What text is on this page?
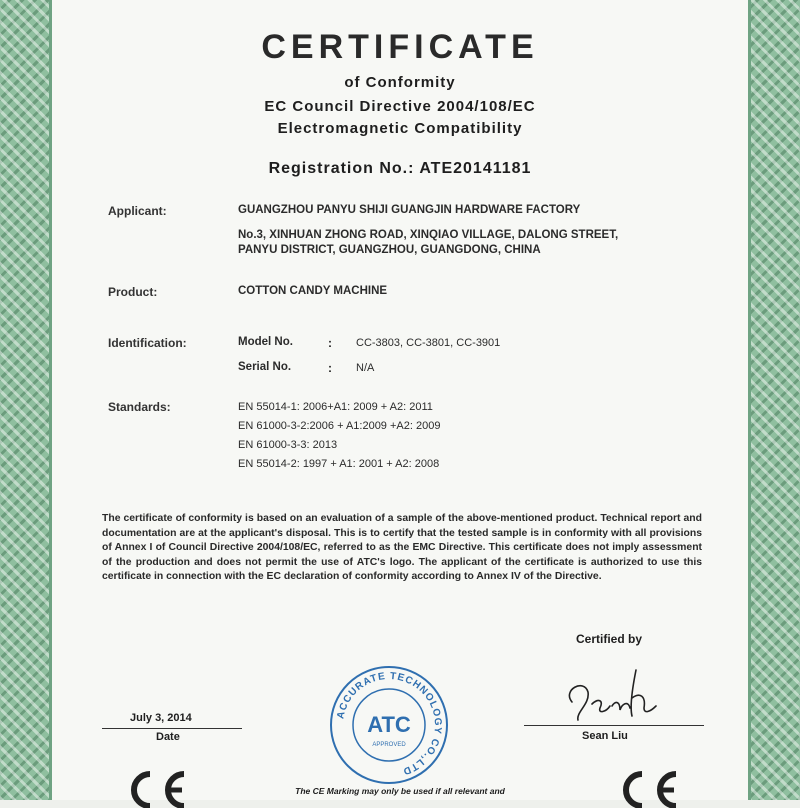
CERTIFICATE
of Conformity
EC Council Directive 2004/108/EC
Electromagnetic Compatibility
Registration No.: ATE20141181
Applicant:	GUANGZHOU PANYU SHIJI GUANGJIN HARDWARE FACTORY
No.3, XINHUAN ZHONG ROAD, XINQIAO VILLAGE, DALONG STREET,
PANYU DISTRICT, GUANGZHOU, GUANGDONG, CHINA
Product:	COTTON CANDY MACHINE
Identification:	Model No.	: CC-3803, CC-3801, CC-3901
Serial No.	: N/A
Standards:	EN 55014-1: 2006+A1: 2009 + A2: 2011
EN 61000-3-2:2006 + A1:2009 +A2: 2009
EN 61000-3-3: 2013
EN 55014-2: 1997 + A1: 2001 + A2: 2008
The certificate of conformity is based on an evaluation of a sample of the above-mentioned product. Technical report and documentation are at the applicant's disposal. This is to certify that the tested sample is in conformity with all provisions of Annex I of Council Directive 2004/108/EC, referred to as the EMC Directive. This certificate does not imply assessment of the production and does not permit the use of ATC's logo. The applicant of the certificate is authorized to use this certificate in connection with the EC declaration of conformity according to Annex IV of the Directive.
Certified by
Sean Liu
July 3, 2014
Date
ACCURATE TECHNOLOGY CO.,LTD
ATC
APPROVED
The CE Marking may only be used if all relevant and
